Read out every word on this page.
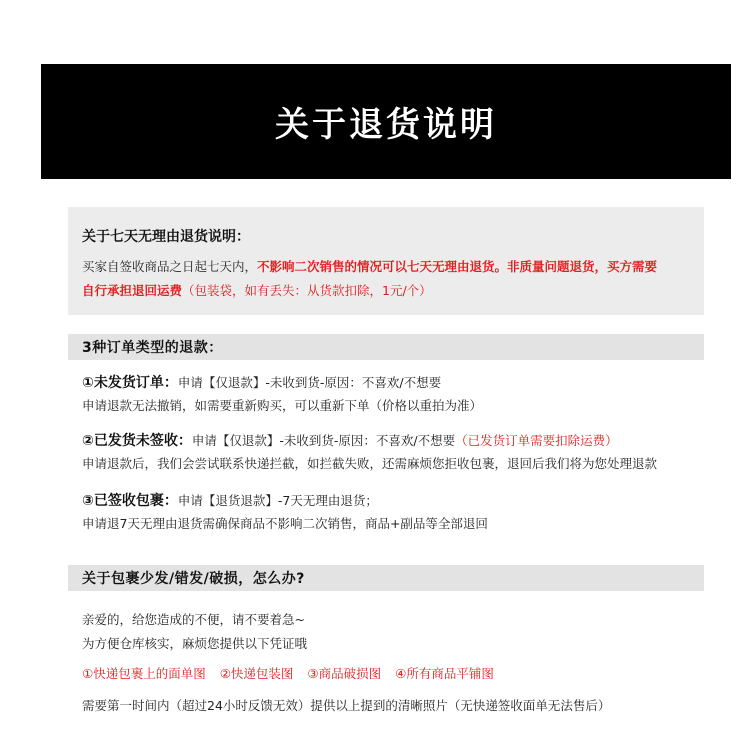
关于退货说明
关于七天无理由退货说明：
买家自签收商品之日起七天内，不影响二次销售的情况可以七天无理由退货。非质量问题退货，买方需要
自行承担退回运费（包装袋，如有丢失：从货款扣除，1元/个）
3种订单类型的退款：
①未发货订单：申请【仅退款】-未收到货-原因：不喜欢/不想要
申请退款无法撤销，如需要重新购买，可以重新下单（价格以重拍为准）
②已发货未签收：申请【仅退款】-未收到货-原因：不喜欢/不想要（已发货订单需要扣除运费）
申请退款后，我们会尝试联系快递拦截，如拦截失败，还需麻烦您拒收包裹，退回后我们将为您处理退款
③已签收包裹：申请【退货退款】-7天无理由退货；
申请退7天无理由退货需确保商品不影响二次销售，商品+副品等全部退回
关于包裹少发/错发/破损，怎么办?
亲爱的，给您造成的不便，请不要着急~
为方便仓库核实，麻烦您提供以下凭证哦
①快递包裹上的面单图 ②快递包装图 ③商品破损图 ④所有商品平铺图
需要第一时间内（超过24小时反馈无效）提供以上提到的清晰照片（无快递签收面单无法售后）
